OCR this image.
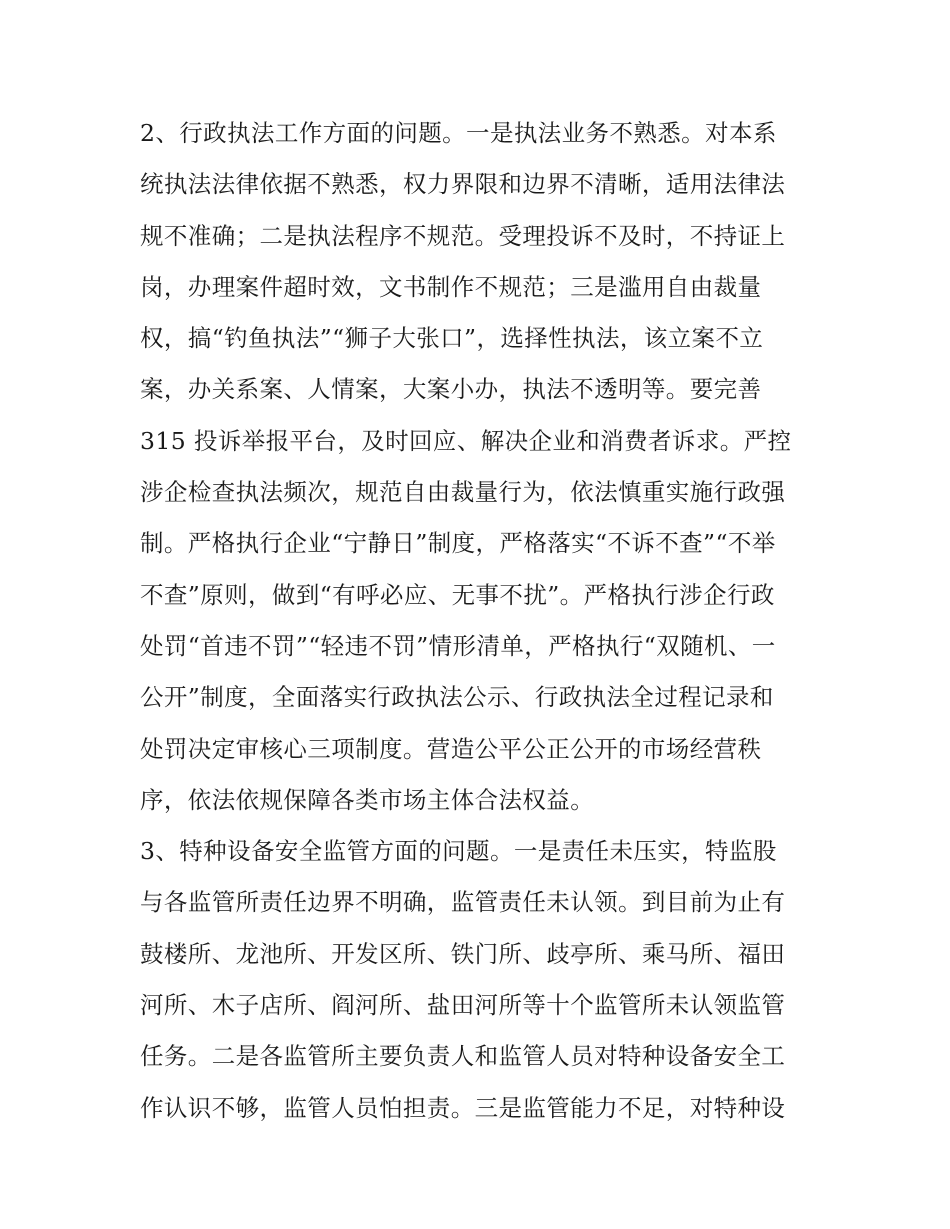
2、行政执法工作方面的问题。一是执法业务不熟悉。对本系
统执法法律依据不熟悉，权力界限和边界不清晰，适用法律法
规不准确；二是执法程序不规范。受理投诉不及时，不持证上
岗，办理案件超时效，文书制作不规范；三是滥用自由裁量
权，搞“钓鱼执法”“狮子大张口”，选择性执法，该立案不立
案，办关系案、人情案，大案小办，执法不透明等。要完善
315 投诉举报平台，及时回应、解决企业和消费者诉求。严控
涉企检查执法频次，规范自由裁量行为，依法慎重实施行政强
制。严格执行企业“宁静日”制度，严格落实“不诉不查”“不举
不查”原则，做到“有呼必应、无事不扰”。严格执行涉企行政
处罚“首违不罚”“轻违不罚”情形清单，严格执行“双随机、一
公开”制度，全面落实行政执法公示、行政执法全过程记录和
处罚决定审核心三项制度。营造公平公正公开的市场经营秩
序，依法依规保障各类市场主体合法权益。
3、特种设备安全监管方面的问题。一是责任未压实，特监股
与各监管所责任边界不明确，监管责任未认领。到目前为止有
鼓楼所、龙池所、开发区所、铁门所、歧亭所、乘马所、福田
河所、木子店所、阎河所、盐田河所等十个监管所未认领监管
任务。二是各监管所主要负责人和监管人员对特种设备安全工
作认识不够，监管人员怕担责。三是监管能力不足，对特种设
